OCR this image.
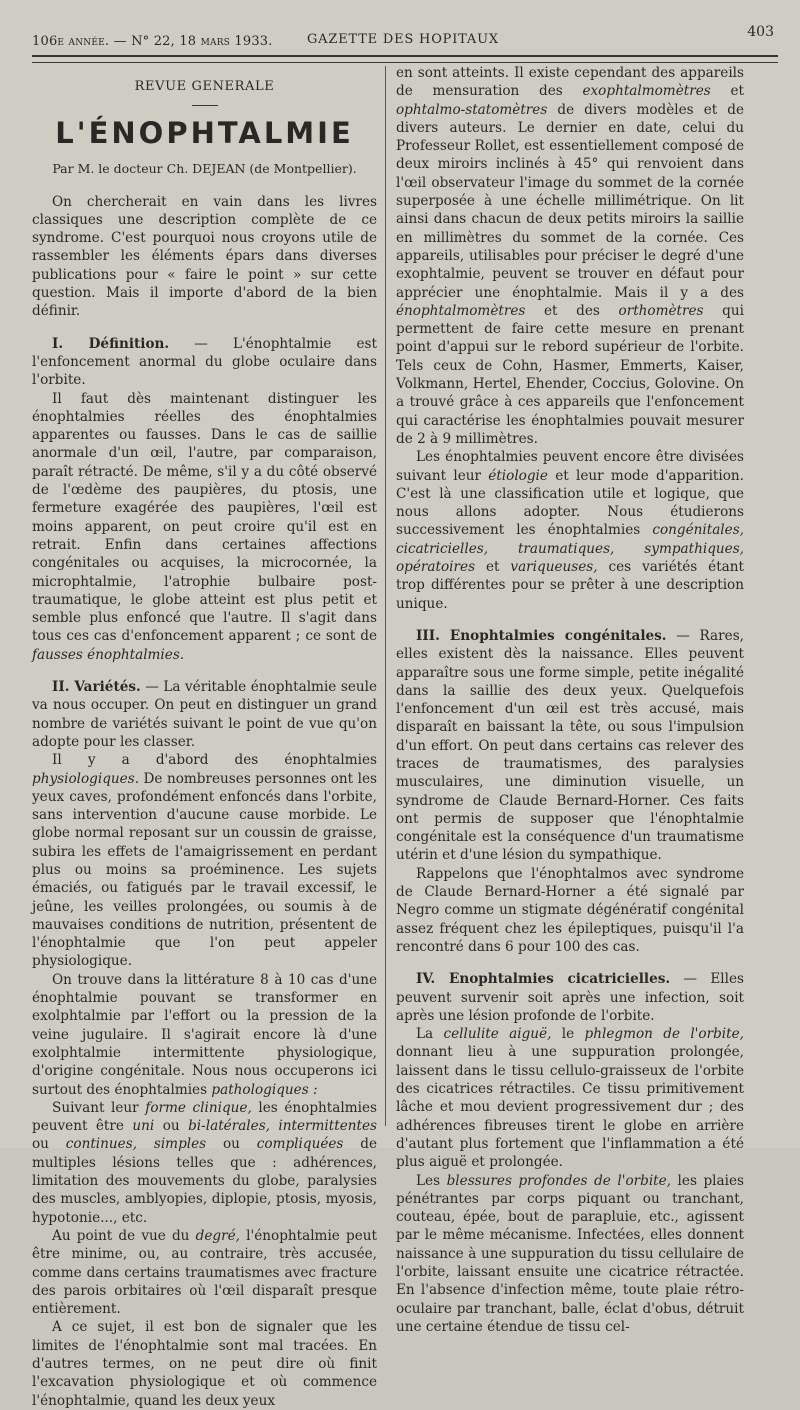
106e année. — N° 22, 18 mars 1933.	GAZETTE DES HOPITAUX	403
REVUE GENERALE
L'ÉNOPHTALMIE
Par M. le docteur Ch. DEJEAN (de Montpellier).

On chercherait en vain dans les livres classiques une description complète de ce syndrome. C'est pourquoi nous croyons utile de rassembler les éléments épars dans diverses publications pour « faire le point » sur cette question. Mais il importe d'abord de la bien définir.

I. Définition. — L'énophtalmie est l'enfoncement anormal du globe oculaire dans l'orbite.

Il faut dès maintenant distinguer les énophtalmies réelles des énophtalmies apparentes ou fausses. Dans le cas de saillie anormale d'un œil, l'autre, par comparaison, paraît rétracté. De même, s'il y a du côté observé de l'œdème des paupières, du ptosis, une fermeture exagérée des paupières, l'œil est moins apparent, on peut croire qu'il est en retrait. Enfin dans certaines affections congénitales ou acquises, la microcornée, la microphtalmie, l'atrophie bulbaire post-traumatique, le globe atteint est plus petit et semble plus enfoncé que l'autre. Il s'agit dans tous ces cas d'enfoncement apparent ; ce sont de fausses énophtalmies.

II. Variétés. — La véritable énophtalmie seule va nous occuper. On peut en distinguer un grand nombre de variétés suivant le point de vue qu'on adopte pour les classer.

Il y a d'abord des énophtalmies physiologiques. De nombreuses personnes ont les yeux caves, profondément enfoncés dans l'orbite, sans intervention d'aucune cause morbide. Le globe normal reposant sur un coussin de graisse, subira les effets de l'amaigrissement en perdant plus ou moins sa proéminence. Les sujets émaciés, ou fatigués par le travail excessif, le jeûne, les veilles prolongées, ou soumis à de mauvaises conditions de nutrition, présentent de l'énophtalmie que l'on peut appeler physiologique.

On trouve dans la littérature 8 à 10 cas d'une énophtalmie pouvant se transformer en exolphtalmie par l'effort ou la pression de la veine jugulaire. Il s'agirait encore là d'une exolphtalmie intermittente physiologique, d'origine congénitale. Nous nous occuperons ici surtout des énophtalmies pathologiques :

Suivant leur forme clinique, les énophtalmies peuvent être uni ou bi-latérales, intermittentes ou continues, simples ou compliquées de multiples lésions telles que : adhérences, limitation des mouvements du globe, paralysies des muscles, amblyopies, diplopie, ptosis, myosis, hypotonie..., etc.

Au point de vue du degré, l'énophtalmie peut être minime, ou, au contraire, très accusée, comme dans certains traumatismes avec fracture des parois orbitaires où l'œil disparaît presque entièrement.

A ce sujet, il est bon de signaler que les limites de l'énophtalmie sont mal tracées. En d'autres termes, on ne peut dire où finit l'excavation physiologique et où commence l'énophtalmie, quand les deux yeux

en sont atteints. Il existe cependant des appareils de mensuration des exophtalmomètres et ophtalmo-statomètres de divers modèles et de divers auteurs. Le dernier en date, celui du Professeur Rollet, est essentiellement composé de deux miroirs inclinés à 45° qui renvoient dans l'œil observateur l'image du sommet de la cornée superposée à une échelle millimétrique. On lit ainsi dans chacun de deux petits miroirs la saillie en millimètres du sommet de la cornée. Ces appareils, utilisables pour préciser le degré d'une exophtalmie, peuvent se trouver en défaut pour apprécier une énophtalmie. Mais il y a des énophtalmomètres et des orthomètres qui permettent de faire cette mesure en prenant point d'appui sur le rebord supérieur de l'orbite. Tels ceux de Cohn, Hasmer, Emmerts, Kaiser, Volkmann, Hertel, Ehender, Coccius, Golovine. On a trouvé grâce à ces appareils que l'enfoncement qui caractérise les énophtalmies pouvait mesurer de 2 à 9 millimètres.

Les énophtalmies peuvent encore être divisées suivant leur étiologie et leur mode d'apparition. C'est là une classification utile et logique, que nous allons adopter. Nous étudierons successivement les énophtalmies congénitales, cicatricielles, traumatiques, sympathiques, opératoires et variqueuses, ces variétés étant trop différentes pour se prêter à une description unique.

III. Enophtalmies congénitales. — Rares, elles existent dès la naissance. Elles peuvent apparaître sous une forme simple, petite inégalité dans la saillie des deux yeux. Quelquefois l'enfoncement d'un œil est très accusé, mais disparaît en baissant la tête, ou sous l'impulsion d'un effort. On peut dans certains cas relever des traces de traumatismes, des paralysies musculaires, une diminution visuelle, un syndrome de Claude Bernard-Horner. Ces faits ont permis de supposer que l'énophtalmie congénitale est la conséquence d'un traumatisme utérin et d'une lésion du sympathique.

Rappelons que l'énophtalmos avec syndrome de Claude Bernard-Horner a été signalé par Negro comme un stigmate dégénératif congénital assez fréquent chez les épileptiques, puisqu'il l'a rencontré dans 6 pour 100 des cas.

IV. Enophtalmies cicatricielles. — Elles peuvent survenir soit après une infection, soit après une lésion profonde de l'orbite.

La cellulite aiguë, le phlegmon de l'orbite, donnant lieu à une suppuration prolongée, laissent dans le tissu cellulo-graisseux de l'orbite des cicatrices rétractiles. Ce tissu primitivement lâche et mou devient progressivement dur ; des adhérences fibreuses tirent le globe en arrière d'autant plus fortement que l'inflammation a été plus aiguë et prolongée.

Les blessures profondes de l'orbite, les plaies pénétrantes par corps piquant ou tranchant, couteau, épée, bout de parapluie, etc., agissent par le même mécanisme. Infectées, elles donnent naissance à une suppuration du tissu cellulaire de l'orbite, laissant ensuite une cicatrice rétractée. En l'absence d'infection même, toute plaie rétro-oculaire par tranchant, balle, éclat d'obus, détruit une certaine étendue de tissu cel-
